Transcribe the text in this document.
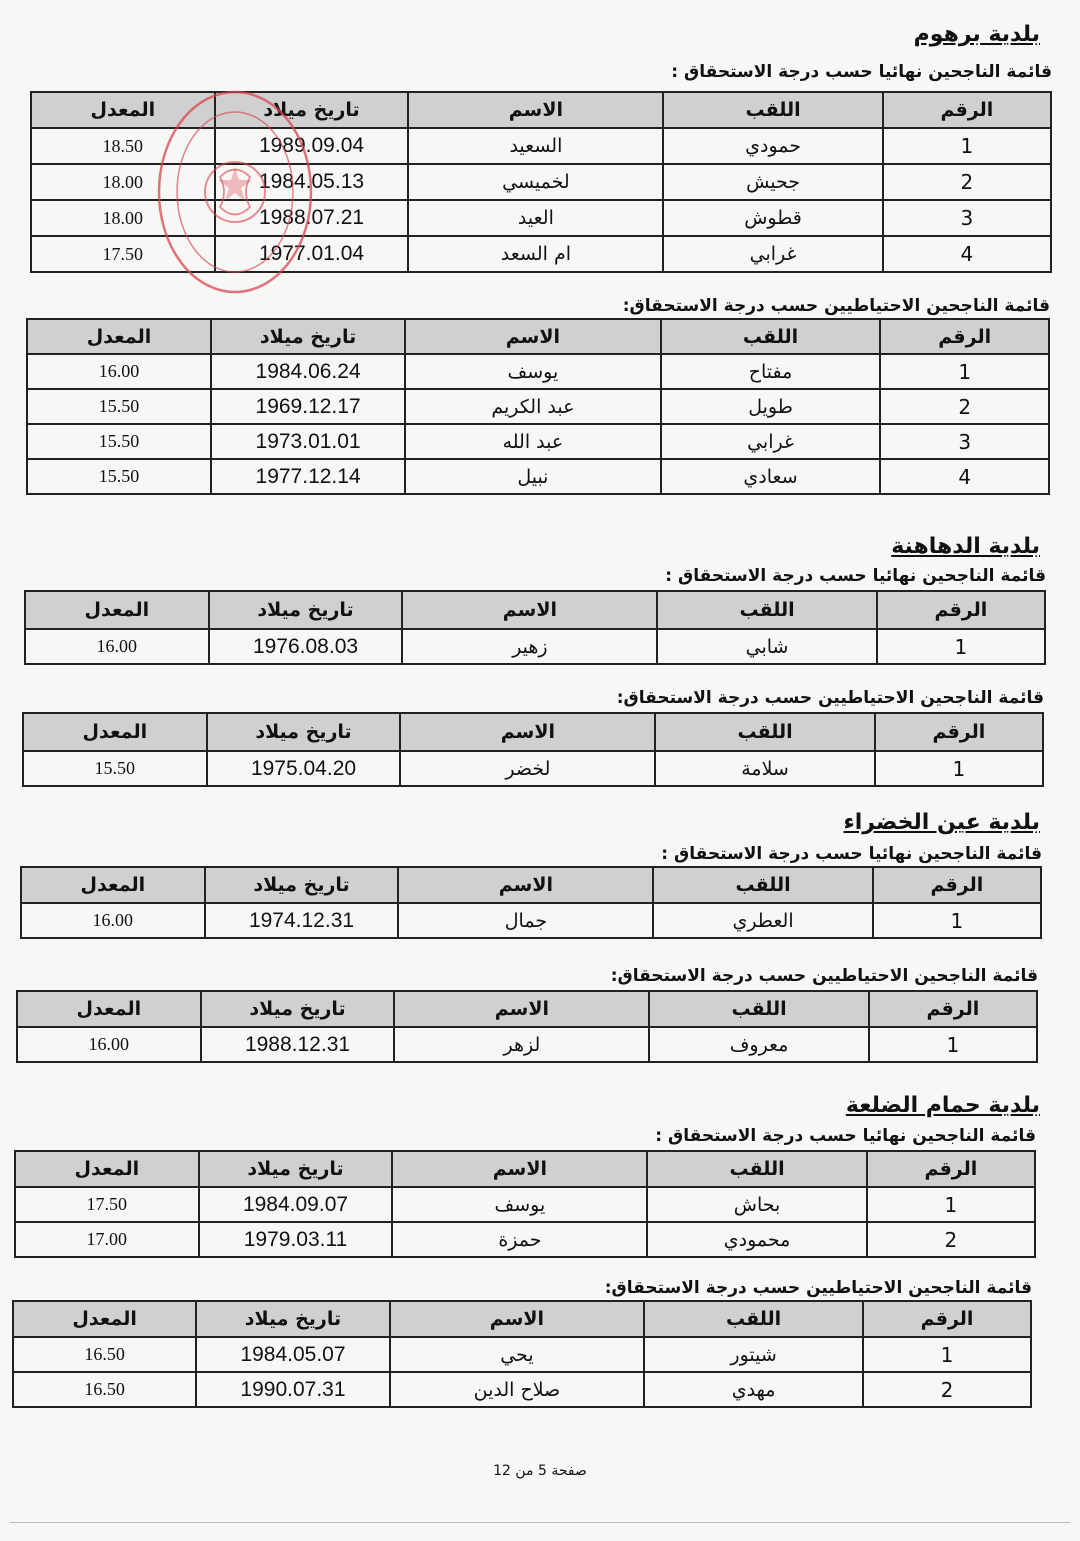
بلدية برهوم
قائمة الناجحين نهائيا حسب درجة الاستحقاق :
الرقم	اللقب	الاسم	تاريخ ميلاد	المعدل
1	حمودي	السعيد	1989.09.04	18.50
2	جحيش	لخميسي	1984.05.13	18.00
3	قطوش	العيد	1988.07.21	18.00
4	غرابي	ام السعد	1977.01.04	17.50
قائمة الناجحين الاحتياطيين حسب درجة الاستحقاق:
الرقم	اللقب	الاسم	تاريخ ميلاد	المعدل
1	مفتاح	يوسف	1984.06.24	16.00
2	طويل	عبد الكريم	1969.12.17	15.50
3	غرابي	عبد الله	1973.01.01	15.50
4	سعادي	نبيل	1977.12.14	15.50
بلدية الدهاهنة
قائمة الناجحين نهائيا حسب درجة الاستحقاق :
الرقم	اللقب	الاسم	تاريخ ميلاد	المعدل
1	شابي	زهير	1976.08.03	16.00
قائمة الناجحين الاحتياطيين حسب درجة الاستحقاق:
الرقم	اللقب	الاسم	تاريخ ميلاد	المعدل
1	سلامة	لخضر	1975.04.20	15.50
بلدية عين الخضراء
قائمة الناجحين نهائيا حسب درجة الاستحقاق :
الرقم	اللقب	الاسم	تاريخ ميلاد	المعدل
1	العطري	جمال	1974.12.31	16.00
قائمة الناجحين الاحتياطيين حسب درجة الاستحقاق:
الرقم	اللقب	الاسم	تاريخ ميلاد	المعدل
1	معروف	لزهر	1988.12.31	16.00
بلدية حمام الضلعة
قائمة الناجحين نهائيا حسب درجة الاستحقاق :
الرقم	اللقب	الاسم	تاريخ ميلاد	المعدل
1	بحاش	يوسف	1984.09.07	17.50
2	محمودي	حمزة	1979.03.11	17.00
قائمة الناجحين الاحتياطيين حسب درجة الاستحقاق:
الرقم	اللقب	الاسم	تاريخ ميلاد	المعدل
1	شيتور	يحي	1984.05.07	16.50
2	مهدي	صلاح الدين	1990.07.31	16.50
صفحة 5 من 12
